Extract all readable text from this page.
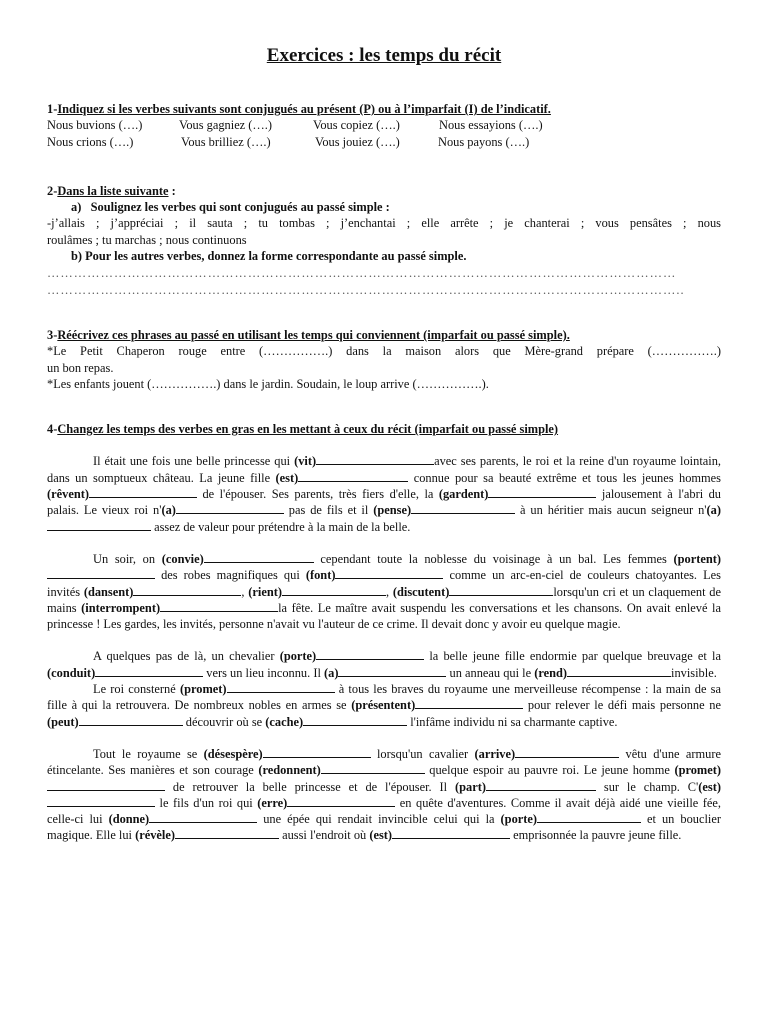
Exercices : les temps du récit

1-Indiquez si les verbes suivants sont conjugués au présent (P) ou à l’imparfait (I) de l’indicatif.

Nous buvions (….)	Vous gagniez (….)	Vous copiez (….)	Nous essayions (….)
Nous crions (….)	Vous brilliez (….)	Vous jouiez (….)	Nous payons (….)

2-Dans la liste suivante :

a) Soulignez les verbes qui sont conjugués au passé simple :

-j’allais ; j’appréciai ; il sauta ; tu tombas ; j’enchantai ; elle arrête ; je chanterai ; vous pensâtes ; nous

roulâmes ; tu marchas ; nous continuons

b) Pour les autres verbes, donnez la forme correspondante au passé simple.

……………………………………………………………………………………………………………………………

……………………………………………………………………………………………………………………………..

3-Réécrivez ces phrases au passé en utilisant les temps qui conviennent (imparfait ou passé simple).

*Le Petit Chaperon rouge entre (…………….) dans la maison alors que Mère-grand prépare (…………….)

un bon repas.

*Les enfants jouent (…………….) dans le jardin. Soudain, le loup arrive (…………….).

4-Changez les temps des verbes en gras en les mettant à ceux du récit (imparfait ou passé simple)

Il était une fois une belle princesse qui (vit)	avec ses parents, le roi et la reine d'un royaume lointain, dans un somptueux château. La jeune fille (est)	connue pour sa beauté extrême et tous les jeunes hommes (rêvent)	de l'épouser. Ses parents, très fiers d'elle, la (gardent)	jalousement à l'abri du palais. Le vieux roi n'(a)	pas de fils et il (pense)	à un héritier mais aucun seigneur n'(a) assez de valeur pour prétendre à la main de la belle.

Un soir, on (convie)	cependant toute la noblesse du voisinage à un bal. Les femmes (portent) des robes magnifiques qui (font)	comme un arc-en-ciel de couleurs chatoyantes. Les invités (dansent)	, (rient)	, (discutent)	lorsqu'un cri et un claquement de mains (interrompent)	la fête. Le maître avait suspendu les conversations et les chansons. On avait enlevé la princesse ! Les gardes, les invités, personne n'avait vu l'auteur de ce crime. Il devait donc y avoir eu quelque magie.

A quelques pas de là, un chevalier (porte)	la belle jeune fille endormie par quelque breuvage et la (conduit)	vers un lieu inconnu. Il (a)	un anneau qui le (rend)	invisible.

Le roi consterné (promet)	à tous les braves du royaume une merveilleuse récompense : la main de sa fille à qui la retrouvera. De nombreux nobles en armes se (présentent)	pour relever le défi mais personne ne (peut)	découvrir où se (cache)	l'infâme individu ni sa charmante captive.

Tout le royaume se (désespère)	lorsqu'un cavalier (arrive)	vêtu d'une armure étincelante. Ses manières et son courage (redonnent)	quelque espoir au pauvre roi. Le jeune homme (promet) de retrouver la belle princesse et de l'épouser. Il (part)	sur le champ. C'(est) le fils d'un roi qui (erre)	en quête d'aventures. Comme il avait déjà aidé une vieille fée, celle-ci lui (donne)	une épée qui rendait invincible celui qui la (porte)	et un bouclier magique. Elle lui (révèle)	aussi l'endroit où (est)	emprisonnée la pauvre jeune fille.
